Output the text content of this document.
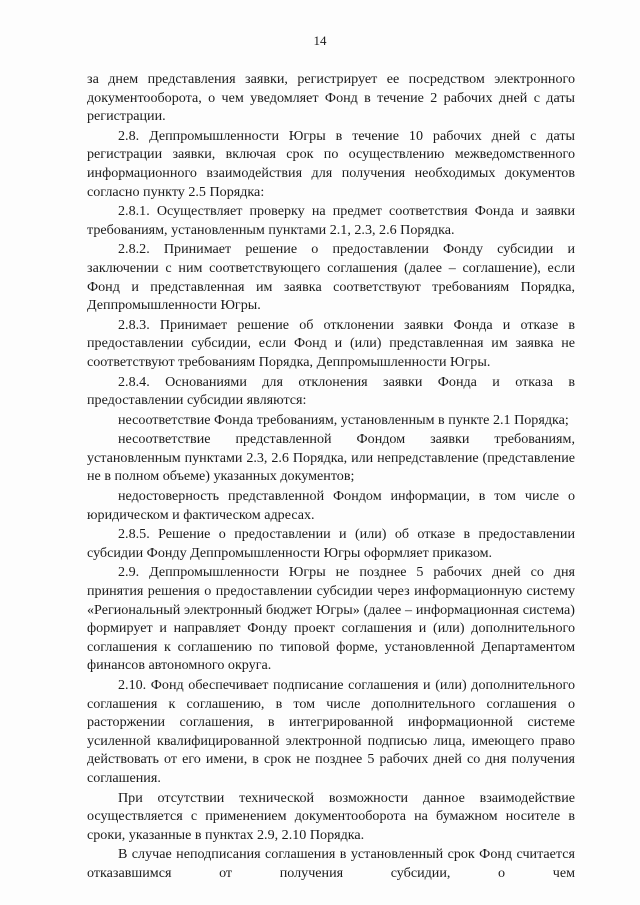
14

за днем представления заявки, регистрирует ее посредством электронного документооборота, о чем уведомляет Фонд в течение 2 рабочих дней с даты регистрации.

2.8. Деппромышленности Югры в течение 10 рабочих дней с даты регистрации заявки, включая срок по осуществлению межведомственного информационного взаимодействия для получения необходимых документов согласно пункту 2.5 Порядка:

2.8.1. Осуществляет проверку на предмет соответствия Фонда и заявки требованиям, установленным пунктами 2.1, 2.3, 2.6 Порядка.

2.8.2. Принимает решение о предоставлении Фонду субсидии и заключении с ним соответствующего соглашения (далее – соглашение), если Фонд и представленная им заявка соответствуют требованиям Порядка, Деппромышленности Югры.

2.8.3. Принимает решение об отклонении заявки Фонда и отказе в предоставлении субсидии, если Фонд и (или) представленная им заявка не соответствуют требованиям Порядка, Деппромышленности Югры.

2.8.4. Основаниями для отклонения заявки Фонда и отказа в предоставлении субсидии являются:

несоответствие Фонда требованиям, установленным в пункте 2.1 Порядка;

несоответствие представленной Фондом заявки требованиям, установленным пунктами 2.3, 2.6 Порядка, или непредставление (представление не в полном объеме) указанных документов;

недостоверность представленной Фондом информации, в том числе о юридическом и фактическом адресах.

2.8.5. Решение о предоставлении и (или) об отказе в предоставлении субсидии Фонду Деппромышленности Югры оформляет приказом.

2.9. Деппромышленности Югры не позднее 5 рабочих дней со дня принятия решения о предоставлении субсидии через информационную систему «Региональный электронный бюджет Югры» (далее – информационная система) формирует и направляет Фонду проект соглашения и (или) дополнительного соглашения к соглашению по типовой форме, установленной Департаментом финансов автономного округа.

2.10. Фонд обеспечивает подписание соглашения и (или) дополнительного соглашения к соглашению, в том числе дополнительного соглашения о расторжении соглашения, в интегрированной информационной системе усиленной квалифицированной электронной подписью лица, имеющего право действовать от его имени, в срок не позднее 5 рабочих дней со дня получения соглашения.

При отсутствии технической возможности данное взаимодействие осуществляется с применением документооборота на бумажном носителе в сроки, указанные в пунктах 2.9, 2.10 Порядка.

В случае неподписания соглашения в установленный срок Фонд считается отказавшимся от получения субсидии, о чем
